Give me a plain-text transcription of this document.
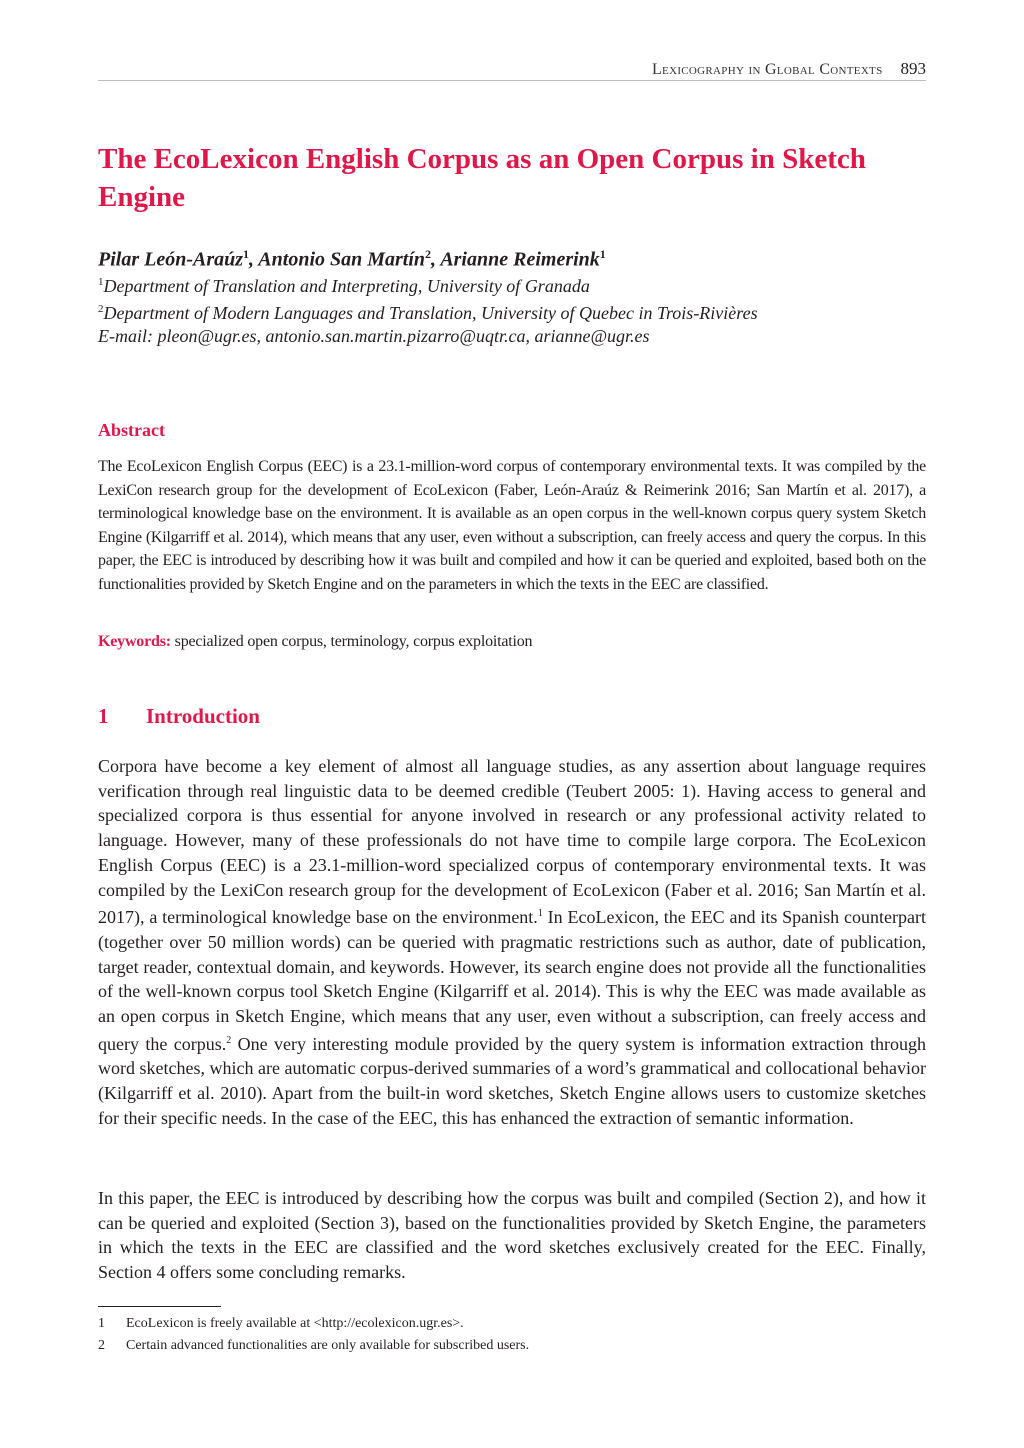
Lexicography in Global Contexts 893
The EcoLexicon English Corpus as an Open Corpus in Sketch Engine
Pilar León-Araúz$^1$, Antonio San Martín$^2$, Arianne Reimerink$^1$
$^1$Department of Translation and Interpreting, University of Granada
$^2$Department of Modern Languages and Translation, University of Quebec in Trois-Rivières
E-mail: pleon@ugr.es, antonio.san.martin.pizarro@uqtr.ca, arianne@ugr.es
Abstract

The EcoLexicon English Corpus (EEC) is a 23.1-million-word corpus of contemporary environmental texts. It was compiled by the LexiCon research group for the development of EcoLexicon (Faber, León-Araúz & Reimerink 2016; San Martín et al. 2017), a terminological knowledge base on the environment. It is available as an open corpus in the well-known corpus query system Sketch Engine (Kilgarriff et al. 2014), which means that any user, even without a subscription, can freely access and query the corpus. In this paper, the EEC is introduced by describing how it was built and compiled and how it can be queried and exploited, based both on the functionalities provided by Sketch Engine and on the parameters in which the texts in the EEC are classified.

Keywords: specialized open corpus, terminology, corpus exploitation
1 Introduction

Corpora have become a key element of almost all language studies, as any assertion about language requires verification through real linguistic data to be deemed credible (Teubert 2005: 1). Having access to general and specialized corpora is thus essential for anyone involved in research or any professional activity related to language. However, many of these professionals do not have time to compile large corpora. The EcoLexicon English Corpus (EEC) is a 23.1-million-word specialized corpus of contemporary environmental texts. It was compiled by the LexiCon research group for the development of EcoLexicon (Faber et al. 2016; San Martín et al. 2017), a terminological knowledge base on the environment.$^1$ In EcoLexicon, the EEC and its Spanish counterpart (together over 50 million words) can be queried with pragmatic restrictions such as author, date of publication, target reader, contextual domain, and keywords. However, its search engine does not provide all the functionalities of the well-known corpus tool Sketch Engine (Kilgarriff et al. 2014). This is why the EEC was made available as an open corpus in Sketch Engine, which means that any user, even without a subscription, can freely access and query the corpus.$^2$ One very interesting module provided by the query system is information extraction through word sketches, which are automatic corpus-derived summaries of a word’s grammatical and collocational behavior (Kilgarriff et al. 2010). Apart from the built-in word sketches, Sketch Engine allows users to customize sketches for their specific needs. In the case of the EEC, this has enhanced the extraction of semantic information.

In this paper, the EEC is introduced by describing how the corpus was built and compiled (Section 2), and how it can be queried and exploited (Section 3), based on the functionalities provided by Sketch Engine, the parameters in which the texts in the EEC are classified and the word sketches exclusively created for the EEC. Finally, Section 4 offers some concluding remarks.

1 EcoLexicon is freely available at <http://ecolexicon.ugr.es>.
2 Certain advanced functionalities are only available for subscribed users.
